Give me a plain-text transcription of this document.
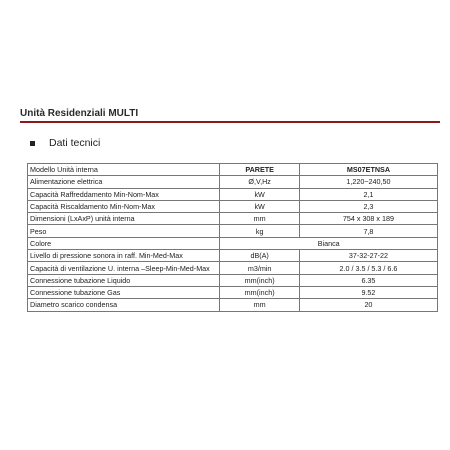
Unità Residenziali MULTI
Dati tecnici
Modello Unità interna	PARETE	MS07ETNSA
Alimentazione elettrica	Ø,V,Hz	1,220~240,50
Capacità Raffreddamento Min-Nom-Max	kW	2,1
Capacità Riscaldamento Min-Nom-Max	kW	2,3
Dimensioni (LxAxP) unità interna	mm	754 x 308 x 189
Peso	kg	7,8
Colore	Bianca	
Livello di pressione sonora in raff. Min-Med-Max	dB(A)	37-32-27-22
Capacità di ventilazione U. interna –Sleep-Min-Med-Max	m3/min	2.0 / 3.5 / 5.3 / 6.6
Connessione tubazione Liquido	mm(inch)	6.35
Connessione tubazione Gas	mm(inch)	9.52
Diametro scarico condensa	mm	20
